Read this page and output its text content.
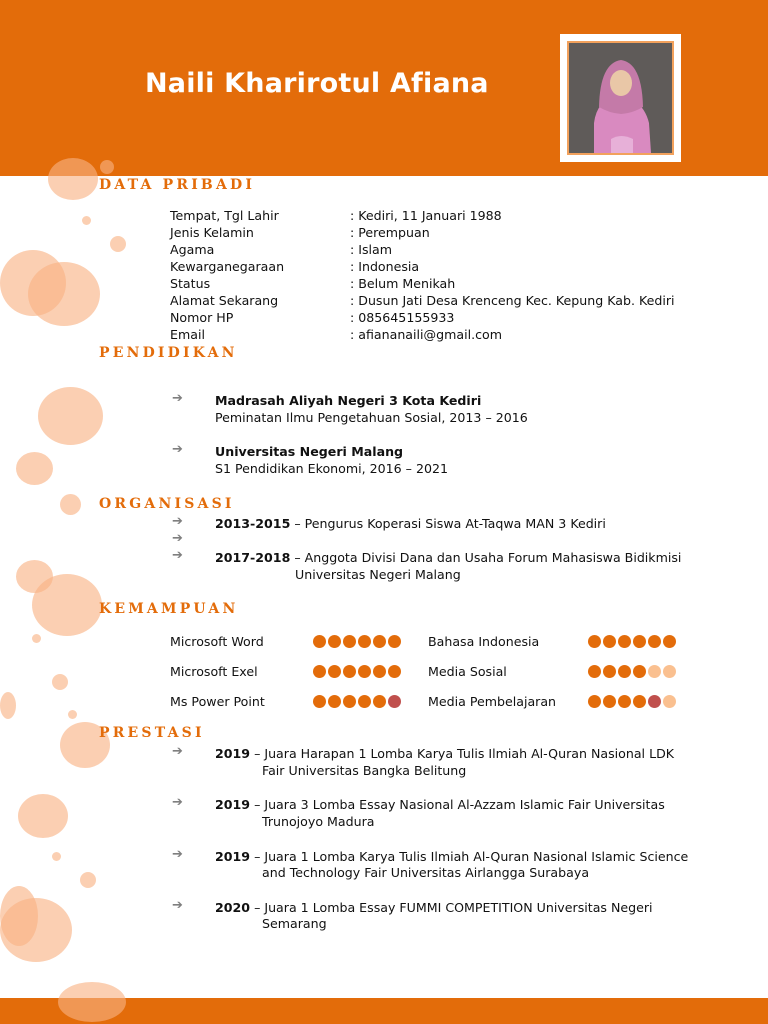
Naili Kharirotul Afiana
DATA PRIBADI
Tempat, Tgl Lahir	: Kediri, 11 Januari 1988
Jenis Kelamin	: Perempuan
Agama	: Islam
Kewarganegaraan	: Indonesia
Status	: Belum Menikah
Alamat Sekarang	: Dusun Jati Desa Krenceng Kec. Kepung Kab. Kediri
Nomor HP	: 085645155933
Email	: afiananaili@gmail.com
PENDIDIKAN
➔	Madrasah Aliyah Negeri 3 Kota Kediri
Peminatan Ilmu Pengetahuan Sosial, 2013 – 2016
➔	Universitas Negeri Malang
S1 Pendidikan Ekonomi, 2016 – 2021
ORGANISASI
➔	2013-2015 – Pengurus Koperasi Siswa At-Taqwa MAN 3 Kediri
➔
➔	2017-2018 – Anggota Divisi Dana dan Usaha Forum Mahasiswa Bidikmisi
Universitas Negeri Malang
KEMAMPUAN
Microsoft Word	Bahasa Indonesia
Microsoft Exel	Media Sosial
Ms Power Point	Media Pembelajaran
PRESTASI
➔	2019 – Juara Harapan 1 Lomba Karya Tulis Ilmiah Al-Quran Nasional LDK
Fair Universitas Bangka Belitung
➔	2019 – Juara 3 Lomba Essay Nasional Al-Azzam Islamic Fair Universitas
Trunojoyo Madura
➔	2019 – Juara 1 Lomba Karya Tulis Ilmiah Al-Quran Nasional Islamic Science
and Technology Fair Universitas Airlangga Surabaya
➔	2020 – Juara 1 Lomba Essay FUMMI COMPETITION Universitas Negeri
Semarang
